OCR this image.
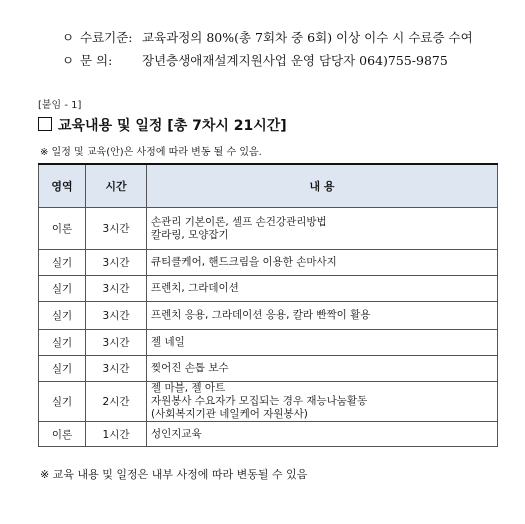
ㅇ 수료기준: 교육과정의 80%(총 7회차 중 6회) 이상 이수 시 수료증 수여
ㅇ 문 의: 장년층생애재설계지원사업 운영 담당자 064)755-9875
[붙임 - 1]
교육내용 및 일정 [총 7차시 21시간]
※ 일정 및 교육(안)은 사정에 따라 변동 될 수 있음.
영역	시간	내 용
이론	3시간	손관리 기본이론, 셀프 손건강관리방법
칼라링, 모양잡기

실기	3시간	큐티클케어, 핸드크림을 이용한 손마사지

실기	3시간	프렌치, 그라데이션

실기	3시간	프렌치 응용, 그라데이션 응용, 칼라 빤짝이 활용

실기	3시간	젤 네일

실기	3시간	찢어진 손톱 보수

실기	2시간	젤 마블, 젤 아트
자원봉사 수요자가 모집되는 경우 재능나눔활동
(사회복지기관 네일케어 자원봉사)

이론	1시간	성인지교육
※ 교육 내용 및 일정은 내부 사정에 따라 변동될 수 있음
